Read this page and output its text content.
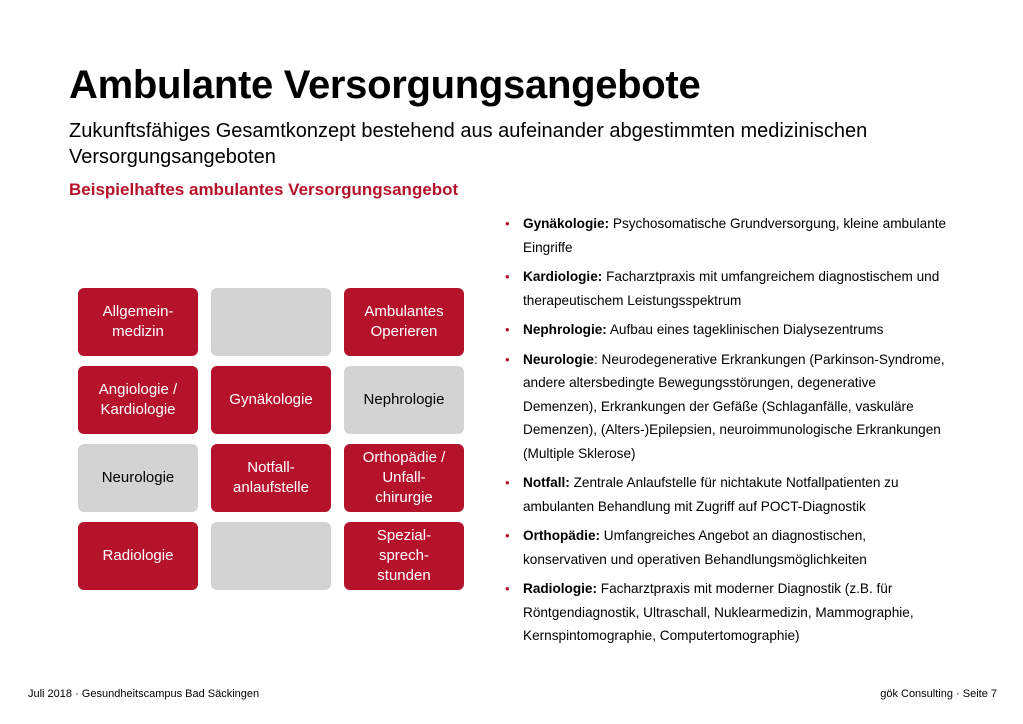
Ambulante Versorgungsangebote
Zukunftsfähiges Gesamtkonzept bestehend aus aufeinander abgestimmten medizinischen Versorgungsangeboten
Beispielhaftes ambulantes Versorgungsangebot
Allgemein-
medizin
Ambulantes Operieren
Angiologie / Kardiologie
Gynäkologie	Nephrologie
Neurologie
Notfall-
anlaufstelle
Orthopädie / Unfall-
chirurgie
Radiologie
Spezial-
sprech-
stunden
• Gynäkologie: Psychosomatische Grundversorgung, kleine ambulante Eingriffe
• Kardiologie: Facharztpraxis mit umfangreichem diagnostischem und therapeutischem Leistungsspektrum
• Nephrologie: Aufbau eines tageklinischen Dialysezentrums
• Neurologie: Neurodegenerative Erkrankungen (Parkinson-Syndrome, andere altersbedingte Bewegungsstörungen, degenerative Demenzen), Erkrankungen der Gefäße (Schlaganfälle, vaskuläre Demenzen), (Alters-)Epilepsien, neuroimmunologische Erkrankungen (Multiple Sklerose)
• Notfall: Zentrale Anlaufstelle für nichtakute Notfallpatienten zu ambulanten Behandlung mit Zugriff auf POCT-Diagnostik
• Orthopädie: Umfangreiches Angebot an diagnostischen, konservativen und operativen Behandlungsmöglichkeiten
• Radiologie: Facharztpraxis mit moderner Diagnostik (z.B. für Röntgendiagnostik, Ultraschall, Nuklearmedizin, Mammographie, Kernspintomographie, Computertomographie)
Juli 2018 · Gesundheitscampus Bad Säckingen	gök Consulting · Seite 7
